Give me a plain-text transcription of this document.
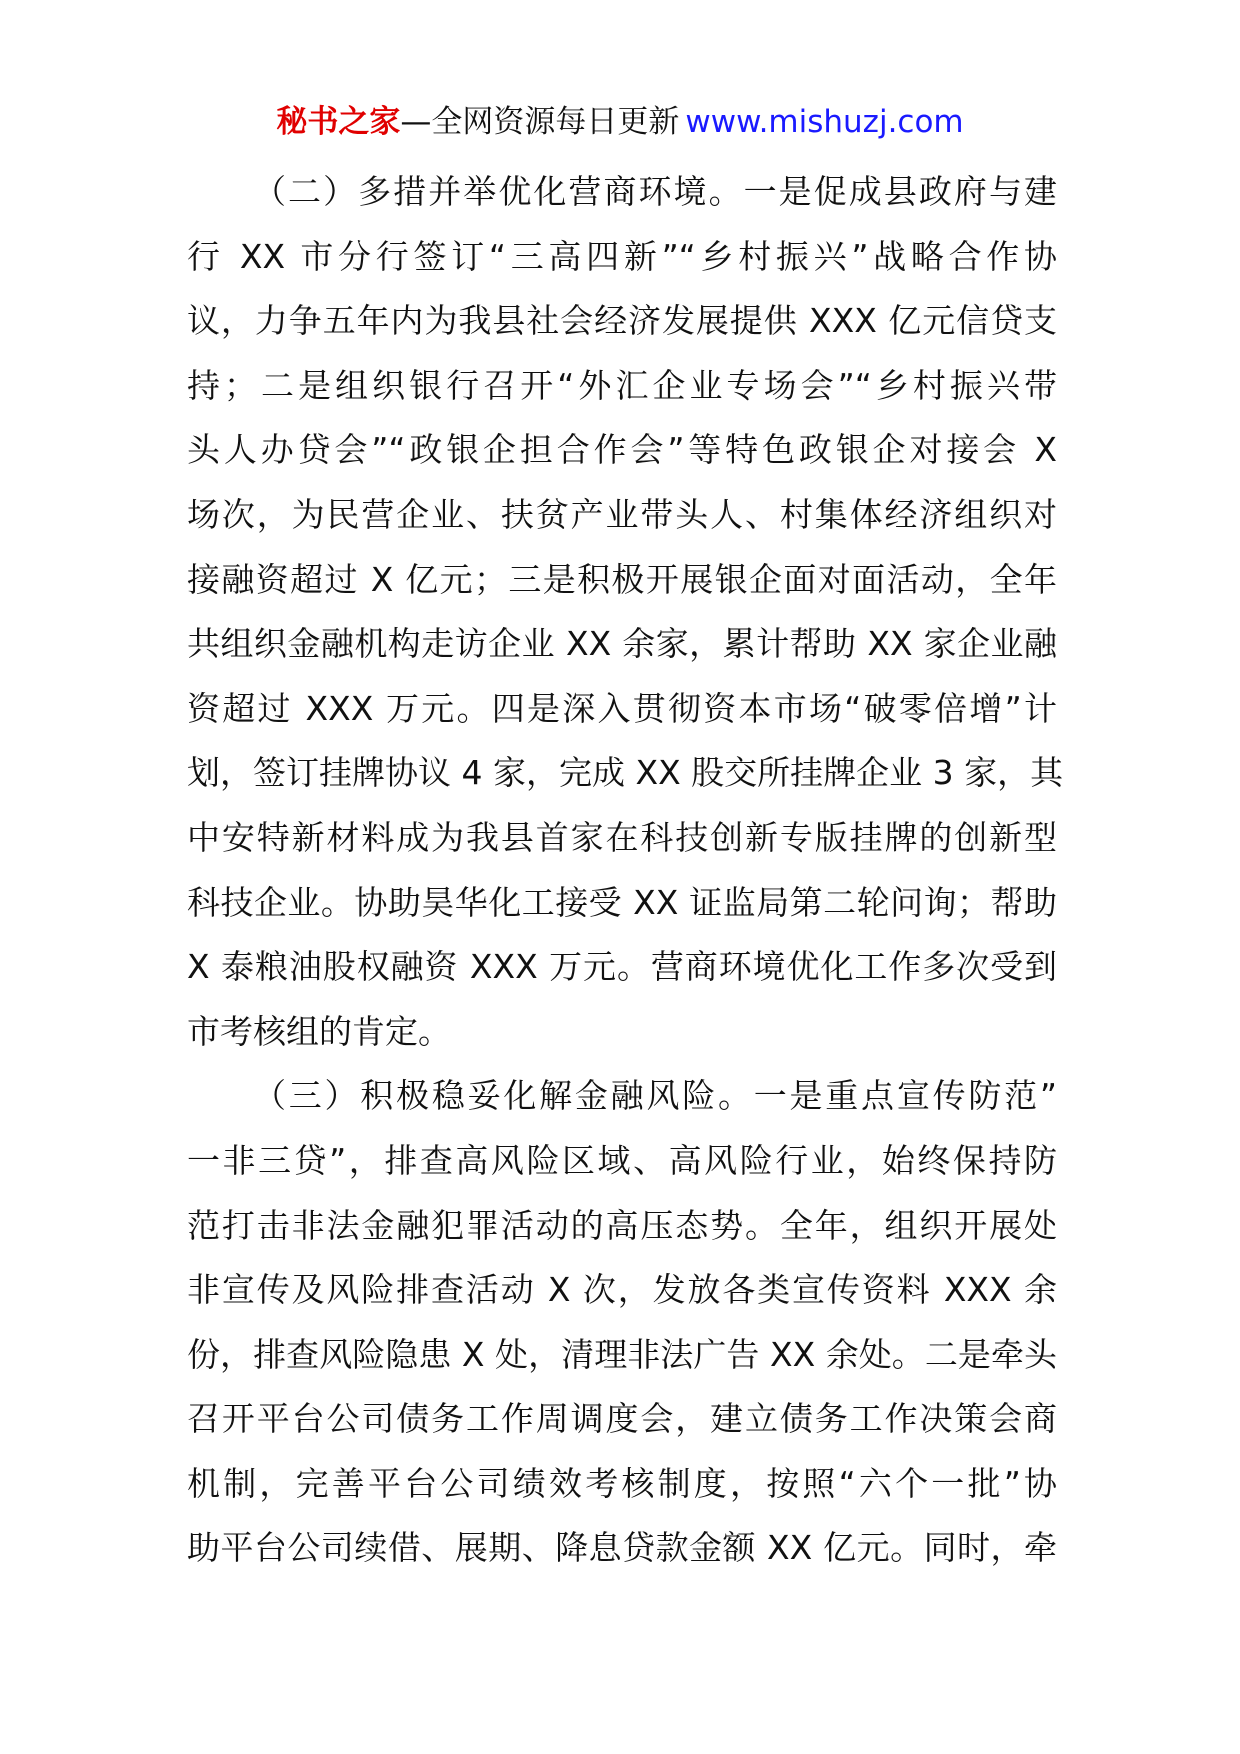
秘书之家—全网资源每日更新 www.mishuzj.com
（二）多措并举优化营商环境。一是促成县政府与建
行 XX 市分行签订“三高四新”“乡村振兴”战略合作协
议，力争五年内为我县社会经济发展提供 XXX 亿元信贷支
持；二是组织银行召开“外汇企业专场会”“乡村振兴带
头人办贷会”“政银企担合作会”等特色政银企对接会 X
场次，为民营企业、扶贫产业带头人、村集体经济组织对
接融资超过 X 亿元；三是积极开展银企面对面活动，全年
共组织金融机构走访企业 XX 余家，累计帮助 XX 家企业融
资超过 XXX 万元。四是深入贯彻资本市场“破零倍增”计
划，签订挂牌协议 4 家，完成 XX 股交所挂牌企业 3 家，其
中安特新材料成为我县首家在科技创新专版挂牌的创新型
科技企业。协助昊华化工接受 XX 证监局第二轮问询；帮助
X 泰粮油股权融资 XXX 万元。营商环境优化工作多次受到
市考核组的肯定。
（三）积极稳妥化解金融风险。一是重点宣传防范”
一非三贷”，排查高风险区域、高风险行业，始终保持防
范打击非法金融犯罪活动的高压态势。全年，组织开展处
非宣传及风险排查活动 X 次，发放各类宣传资料 XXX 余
份，排查风险隐患 X 处，清理非法广告 XX 余处。二是牵头
召开平台公司债务工作周调度会，建立债务工作决策会商
机制，完善平台公司绩效考核制度，按照“六个一批”协
助平台公司续借、展期、降息贷款金额 XX 亿元。同时，牵
